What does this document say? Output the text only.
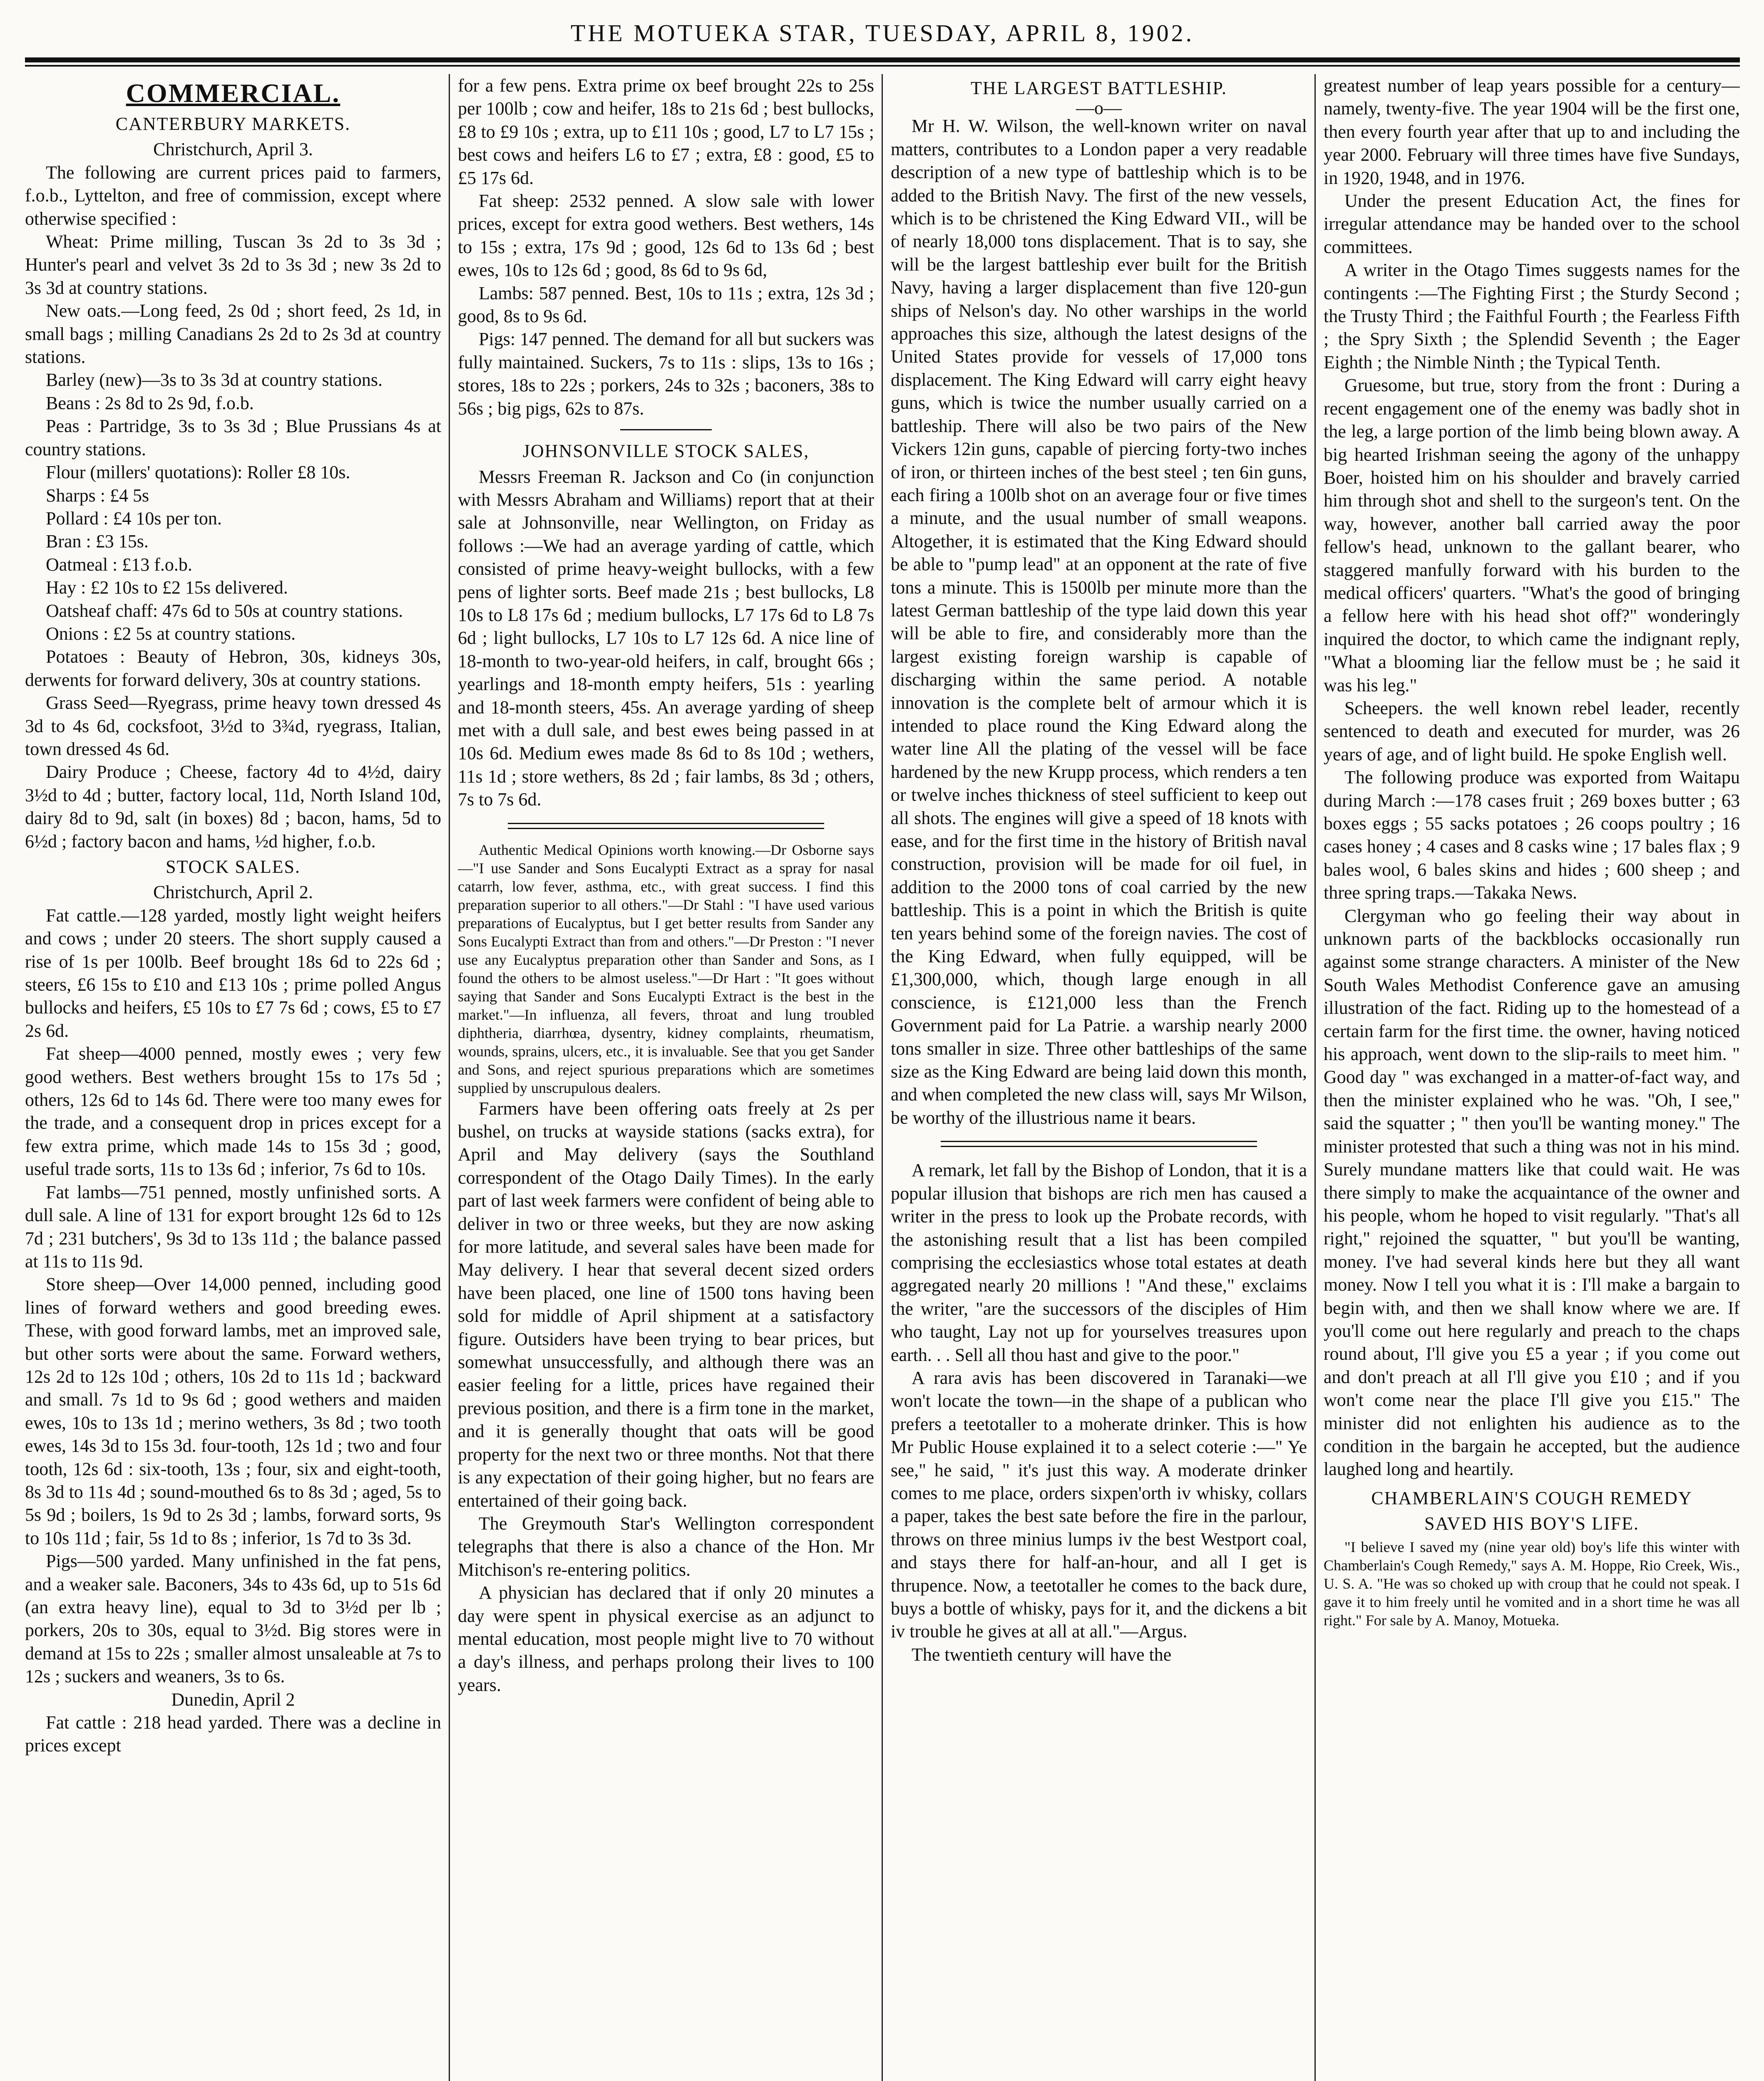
THE MOTUEKA STAR, TUESDAY, APRIL 8, 1902.
COMMERCIAL.
CANTERBURY MARKETS.

Christchurch, April 3.

The following are current prices paid to farmers, f.o.b., Lyttelton, and free of commission, except where otherwise specified :

Wheat: Prime milling, Tuscan 3s 2d to 3s 3d ; Hunter's pearl and velvet 3s 2d to 3s 3d ; new 3s 2d to 3s 3d at country stations.

New oats.—Long feed, 2s 0d ; short feed, 2s 1d, in small bags ; milling Canadians 2s 2d to 2s 3d at country stations.

Barley (new)—3s to 3s 3d at country stations.

Beans : 2s 8d to 2s 9d, f.o.b.

Peas : Partridge, 3s to 3s 3d ; Blue Prussians 4s at country stations.

Flour (millers' quotations): Roller £8 10s.

Sharps : £4 5s

Pollard : £4 10s per ton.

Bran : £3 15s.

Oatmeal : £13 f.o.b.

Hay : £2 10s to £2 15s delivered.

Oatsheaf chaff: 47s 6d to 50s at country stations.

Onions : £2 5s at country stations.

Potatoes : Beauty of Hebron, 30s, kidneys 30s, derwents for forward delivery, 30s at country stations.

Grass Seed—Ryegrass, prime heavy town dressed 4s 3d to 4s 6d, cocksfoot, 3½d to 3¾d, ryegrass, Italian, town dressed 4s 6d.

Dairy Produce ; Cheese, factory 4d to 4½d, dairy 3½d to 4d ; butter, factory local, 11d, North Island 10d, dairy 8d to 9d, salt (in boxes) 8d ; bacon, hams, 5d to 6½d ; factory bacon and hams, ½d higher, f.o.b.

STOCK SALES.

Christchurch, April 2.

Fat cattle.—128 yarded, mostly light weight heifers and cows ; under 20 steers. The short supply caused a rise of 1s per 100lb. Beef brought 18s 6d to 22s 6d ; steers, £6 15s to £10 and £13 10s ; prime polled Angus bullocks and heifers, £5 10s to £7 7s 6d ; cows, £5 to £7 2s 6d.

Fat sheep—4000 penned, mostly ewes ; very few good wethers. Best wethers brought 15s to 17s 5d ; others, 12s 6d to 14s 6d. There were too many ewes for the trade, and a consequent drop in prices except for a few extra prime, which made 14s to 15s 3d ; good, useful trade sorts, 11s to 13s 6d ; inferior, 7s 6d to 10s.

Fat lambs—751 penned, mostly unfinished sorts. A dull sale. A line of 131 for export brought 12s 6d to 12s 7d ; 231 butchers', 9s 3d to 13s 11d ; the balance passed at 11s to 11s 9d.

Store sheep—Over 14,000 penned, including good lines of forward wethers and good breeding ewes. These, with good forward lambs, met an improved sale, but other sorts were about the same. Forward wethers, 12s 2d to 12s 10d ; others, 10s 2d to 11s 1d ; backward and small. 7s 1d to 9s 6d ; good wethers and maiden ewes, 10s to 13s 1d ; merino wethers, 3s 8d ; two tooth ewes, 14s 3d to 15s 3d. four-tooth, 12s 1d ; two and four tooth, 12s 6d : six-tooth, 13s ; four, six and eight-tooth, 8s 3d to 11s 4d ; sound-mouthed 6s to 8s 3d ; aged, 5s to 5s 9d ; boilers, 1s 9d to 2s 3d ; lambs, forward sorts, 9s to 10s 11d ; fair, 5s 1d to 8s ; inferior, 1s 7d to 3s 3d.

Pigs—500 yarded. Many unfinished in the fat pens, and a weaker sale. Baconers, 34s to 43s 6d, up to 51s 6d (an extra heavy line), equal to 3d to 3½d per lb ; porkers, 20s to 30s, equal to 3½d. Big stores were in demand at 15s to 22s ; smaller almost unsaleable at 7s to 12s ; suckers and weaners, 3s to 6s.

Dunedin, April 2

Fat cattle : 218 head yarded. There was a decline in prices except

for a few pens. Extra prime ox beef brought 22s to 25s per 100lb ; cow and heifer, 18s to 21s 6d ; best bullocks, £8 to £9 10s ; extra, up to £11 10s ; good, L7 to L7 15s ; best cows and heifers L6 to £7 ; extra, £8 : good, £5 to £5 17s 6d.

Fat sheep: 2532 penned. A slow sale with lower prices, except for extra good wethers. Best wethers, 14s to 15s ; extra, 17s 9d ; good, 12s 6d to 13s 6d ; best ewes, 10s to 12s 6d ; good, 8s 6d to 9s 6d,

Lambs: 587 penned. Best, 10s to 11s ; extra, 12s 3d ; good, 8s to 9s 6d.

Pigs: 147 penned. The demand for all but suckers was fully maintained. Suckers, 7s to 11s : slips, 13s to 16s ; stores, 18s to 22s ; porkers, 24s to 32s ; baconers, 38s to 56s ; big pigs, 62s to 87s.

JOHNSONVILLE STOCK SALES,

Messrs Freeman R. Jackson and Co (in conjunction with Messrs Abraham and Williams) report that at their sale at Johnsonville, near Wellington, on Friday as follows :—We had an average yarding of cattle, which consisted of prime heavy-weight bullocks, with a few pens of lighter sorts. Beef made 21s ; best bullocks, L8 10s to L8 17s 6d ; medium bullocks, L7 17s 6d to L8 7s 6d ; light bullocks, L7 10s to L7 12s 6d. A nice line of 18-month to two-year-old heifers, in calf, brought 66s ; yearlings and 18-month empty heifers, 51s : yearling and 18-month steers, 45s. An average yarding of sheep met with a dull sale, and best ewes being passed in at 10s 6d. Medium ewes made 8s 6d to 8s 10d ; wethers, 11s 1d ; store wethers, 8s 2d ; fair lambs, 8s 3d ; others, 7s to 7s 6d.

Authentic Medical Opinions worth knowing.—Dr Osborne says—"I use Sander and Sons Eucalypti Extract as a spray for nasal catarrh, low fever, asthma, etc., with great success. I find this preparation superior to all others."—Dr Stahl : "I have used various preparations of Eucalyptus, but I get better results from Sander any Sons Eucalypti Extract than from and others."—Dr Preston : "I never use any Eucalyptus preparation other than Sander and Sons, as I found the others to be almost useless."—Dr Hart : "It goes without saying that Sander and Sons Eucalypti Extract is the best in the market."—In influenza, all fevers, throat and lung troubled diphtheria, diarrhœa, dysentry, kidney complaints, rheumatism, wounds, sprains, ulcers, etc., it is invaluable. See that you get Sander and Sons, and reject spurious preparations which are sometimes supplied by unscrupulous dealers.

Farmers have been offering oats freely at 2s per bushel, on trucks at wayside stations (sacks extra), for April and May delivery (says the Southland correspondent of the Otago Daily Times). In the early part of last week farmers were confident of being able to deliver in two or three weeks, but they are now asking for more latitude, and several sales have been made for May delivery. I hear that several decent sized orders have been placed, one line of 1500 tons having been sold for middle of April shipment at a satisfactory figure. Outsiders have been trying to bear prices, but somewhat unsuccessfully, and although there was an easier feeling for a little, prices have regained their previous position, and there is a firm tone in the market, and it is generally thought that oats will be good property for the next two or three months. Not that there is any expectation of their going higher, but no fears are entertained of their going back.

The Greymouth Star's Wellington correspondent telegraphs that there is also a chance of the Hon. Mr Mitchison's re-entering politics.

A physician has declared that if only 20 minutes a day were spent in physical exercise as an adjunct to mental education, most people might live to 70 without a day's illness, and perhaps prolong their lives to 100 years.

THE LARGEST BATTLESHIP.
—o—

Mr H. W. Wilson, the well-known writer on naval matters, contributes to a London paper a very readable description of a new type of battleship which is to be added to the British Navy. The first of the new vessels, which is to be christened the King Edward VII., will be of nearly 18,000 tons displacement. That is to say, she will be the largest battleship ever built for the British Navy, having a larger displacement than five 120-gun ships of Nelson's day. No other warships in the world approaches this size, although the latest designs of the United States provide for vessels of 17,000 tons displacement. The King Edward will carry eight heavy guns, which is twice the number usually carried on a battleship. There will also be two pairs of the New Vickers 12in guns, capable of piercing forty-two inches of iron, or thirteen inches of the best steel ; ten 6in guns, each firing a 100lb shot on an average four or five times a minute, and the usual number of small weapons. Altogether, it is estimated that the King Edward should be able to "pump lead" at an opponent at the rate of five tons a minute. This is 1500lb per minute more than the latest German battleship of the type laid down this year will be able to fire, and considerably more than the largest existing foreign warship is capable of discharging within the same period. A notable innovation is the complete belt of armour which it is intended to place round the King Edward along the water line All the plating of the vessel will be face hardened by the new Krupp process, which renders a ten or twelve inches thickness of steel sufficient to keep out all shots. The engines will give a speed of 18 knots with ease, and for the first time in the history of British naval construction, provision will be made for oil fuel, in addition to the 2000 tons of coal carried by the new battleship. This is a point in which the British is quite ten years behind some of the foreign navies. The cost of the King Edward, when fully equipped, will be £1,300,000, which, though large enough in all conscience, is £121,000 less than the French Government paid for La Patrie. a warship nearly 2000 tons smaller in size. Three other battleships of the same size as the King Edward are being laid down this month, and when completed the new class will, says Mr Wilson, be worthy of the illustrious name it bears.

A remark, let fall by the Bishop of London, that it is a popular illusion that bishops are rich men has caused a writer in the press to look up the Probate records, with the astonishing result that a list has been compiled comprising the ecclesiastics whose total estates at death aggregated nearly 20 millions ! "And these," exclaims the writer, "are the successors of the disciples of Him who taught, Lay not up for yourselves treasures upon earth. . . Sell all thou hast and give to the poor."

A rara avis has been discovered in Taranaki—we won't locate the town—in the shape of a publican who prefers a teetotaller to a moherate drinker. This is how Mr Public House explained it to a select coterie :—" Ye see," he said, " it's just this way. A moderate drinker comes to me place, orders sixpen'orth iv whisky, collars a paper, takes the best sate before the fire in the parlour, throws on three minius lumps iv the best Westport coal, and stays there for half-an-hour, and all I get is thrupence. Now, a teetotaller he comes to the back dure, buys a bottle of whisky, pays for it, and the dickens a bit iv trouble he gives at all at all."—Argus.

The twentieth century will have the

greatest number of leap years possible for a century—namely, twenty-five. The year 1904 will be the first one, then every fourth year after that up to and including the year 2000. February will three times have five Sundays, in 1920, 1948, and in 1976.

Under the present Education Act, the fines for irregular attendance may be handed over to the school committees.

A writer in the Otago Times suggests names for the contingents :—The Fighting First ; the Sturdy Second ; the Trusty Third ; the Faithful Fourth ; the Fearless Fifth ; the Spry Sixth ; the Splendid Seventh ; the Eager Eighth ; the Nimble Ninth ; the Typical Tenth.

Gruesome, but true, story from the front : During a recent engagement one of the enemy was badly shot in the leg, a large portion of the limb being blown away. A big hearted Irishman seeing the agony of the unhappy Boer, hoisted him on his shoulder and bravely carried him through shot and shell to the surgeon's tent. On the way, however, another ball carried away the poor fellow's head, unknown to the gallant bearer, who staggered manfully forward with his burden to the medical officers' quarters. "What's the good of bringing a fellow here with his head shot off?" wonderingly inquired the doctor, to which came the indignant reply, "What a blooming liar the fellow must be ; he said it was his leg."

Scheepers. the well known rebel leader, recently sentenced to death and executed for murder, was 26 years of age, and of light build. He spoke English well.

The following produce was exported from Waitapu during March :—178 cases fruit ; 269 boxes butter ; 63 boxes eggs ; 55 sacks potatoes ; 26 coops poultry ; 16 cases honey ; 4 cases and 8 casks wine ; 17 bales flax ; 9 bales wool, 6 bales skins and hides ; 600 sheep ; and three spring traps.—Takaka News.

Clergyman who go feeling their way about in unknown parts of the backblocks occasionally run against some strange characters. A minister of the New South Wales Methodist Conference gave an amusing illustration of the fact. Riding up to the homestead of a certain farm for the first time. the owner, having noticed his approach, went down to the slip-rails to meet him. " Good day " was exchanged in a matter-of-fact way, and then the minister explained who he was. "Oh, I see," said the squatter ; " then you'll be wanting money." The minister protested that such a thing was not in his mind. Surely mundane matters like that could wait. He was there simply to make the acquaintance of the owner and his people, whom he hoped to visit regularly. "That's all right," rejoined the squatter, " but you'll be wanting, money. I've had several kinds here but they all want money. Now I tell you what it is : I'll make a bargain to begin with, and then we shall know where we are. If you'll come out here regularly and preach to the chaps round about, I'll give you £5 a year ; if you come out and don't preach at all I'll give you £10 ; and if you won't come near the place I'll give you £15." The minister did not enlighten his audience as to the condition in the bargain he accepted, but the audience laughed long and heartily.

CHAMBERLAIN'S COUGH REMEDY
SAVED HIS BOY'S LIFE.

"I believe I saved my (nine year old) boy's life this winter with Chamberlain's Cough Remedy," says A. M. Hoppe, Rio Creek, Wis., U. S. A. "He was so choked up with croup that he could not speak. I gave it to him freely until he vomited and in a short time he was all right." For sale by A. Manoy, Motueka.
